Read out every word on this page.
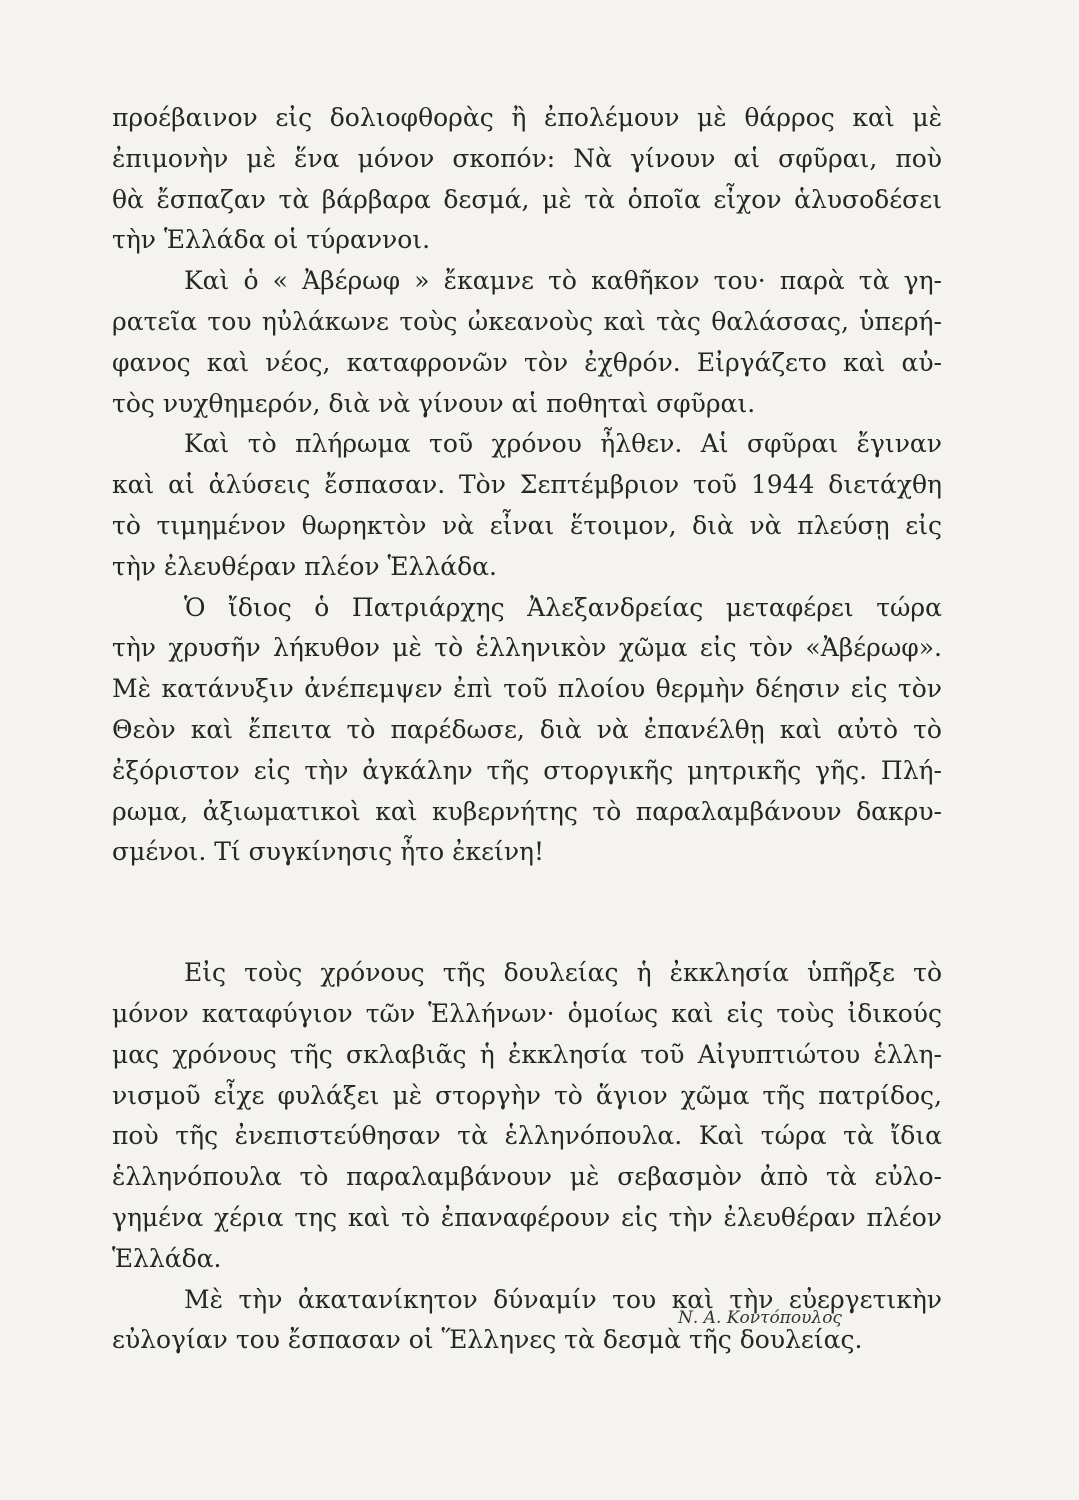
προέβαινον εἰς δολιοφθορὰς ἢ ἐπολέμουν μὲ θάρρος καὶ μὲ
ἐπιμονὴν μὲ ἕνα μόνον σκοπόν: Νὰ γίνουν αἱ σφῦραι, ποὺ
θὰ ἔσπαζαν τὰ βάρβαρα δεσμά, μὲ τὰ ὁποῖα εἶχον ἁλυσοδέσει
τὴν Ἑλλάδα οἱ τύραννοι.
Καὶ ὁ « Ἀβέρωφ » ἔκαμνε τὸ καθῆκον του· παρὰ τὰ γη-
ρατεῖα του ηὐλάκωνε τοὺς ὠκεανοὺς καὶ τὰς θαλάσσας, ὑπερή-
φανος καὶ νέος, καταφρονῶν τὸν ἐχθρόν. Εἰργάζετο καὶ αὐ-
τὸς νυχθημερόν, διὰ νὰ γίνουν αἱ ποθηταὶ σφῦραι.
Καὶ τὸ πλήρωμα τοῦ χρόνου ἦλθεν. Αἱ σφῦραι ἔγιναν
καὶ αἱ ἁλύσεις ἔσπασαν. Τὸν Σεπτέμβριον τοῦ 1944 διετάχθη
τὸ τιμημένον θωρηκτὸν νὰ εἶναι ἕτοιμον, διὰ νὰ πλεύσῃ εἰς
τὴν ἐλευθέραν πλέον Ἑλλάδα.
Ὁ ἴδιος ὁ Πατριάρχης Ἀλεξανδρείας μεταφέρει τώρα
τὴν χρυσῆν λήκυθον μὲ τὸ ἑλληνικὸν χῶμα εἰς τὸν «Ἀβέρωφ».
Μὲ κατάνυξιν ἀνέπεμψεν ἐπὶ τοῦ πλοίου θερμὴν δέησιν εἰς τὸν
Θεὸν καὶ ἔπειτα τὸ παρέδωσε, διὰ νὰ ἐπανέλθῃ καὶ αὐτὸ τὸ
ἐξόριστον εἰς τὴν ἀγκάλην τῆς στοργικῆς μητρικῆς γῆς. Πλή-
ρωμα, ἀξιωματικοὶ καὶ κυβερνήτης τὸ παραλαμβάνουν δακρυ-
σμένοι. Τί συγκίνησις ἦτο ἐκείνη!
Εἰς τοὺς χρόνους τῆς δουλείας ἡ ἐκκλησία ὑπῆρξε τὸ
μόνον καταφύγιον τῶν Ἑλλήνων· ὁμοίως καὶ εἰς τοὺς ἰδικούς
μας χρόνους τῆς σκλαβιᾶς ἡ ἐκκλησία τοῦ Αἰγυπτιώτου ἑλλη-
νισμοῦ εἶχε φυλάξει μὲ στοργὴν τὸ ἅγιον χῶμα τῆς πατρίδος,
ποὺ τῆς ἐνεπιστεύθησαν τὰ ἑλληνόπουλα. Καὶ τώρα τὰ ἴδια
ἑλληνόπουλα τὸ παραλαμβάνουν μὲ σεβασμὸν ἀπὸ τὰ εὐλο-
γημένα χέρια της καὶ τὸ ἐπαναφέρουν εἰς τὴν ἐλευθέραν πλέον
Ἑλλάδα.
Μὲ τὴν ἀκατανίκητον δύναμίν του καὶ τὴν εὐεργετικὴν
εὐλογίαν του ἔσπασαν οἱ Ἕλληνες τὰ δεσμὰ τῆς δουλείας.
Ν. Α. Κοντόπουλος
